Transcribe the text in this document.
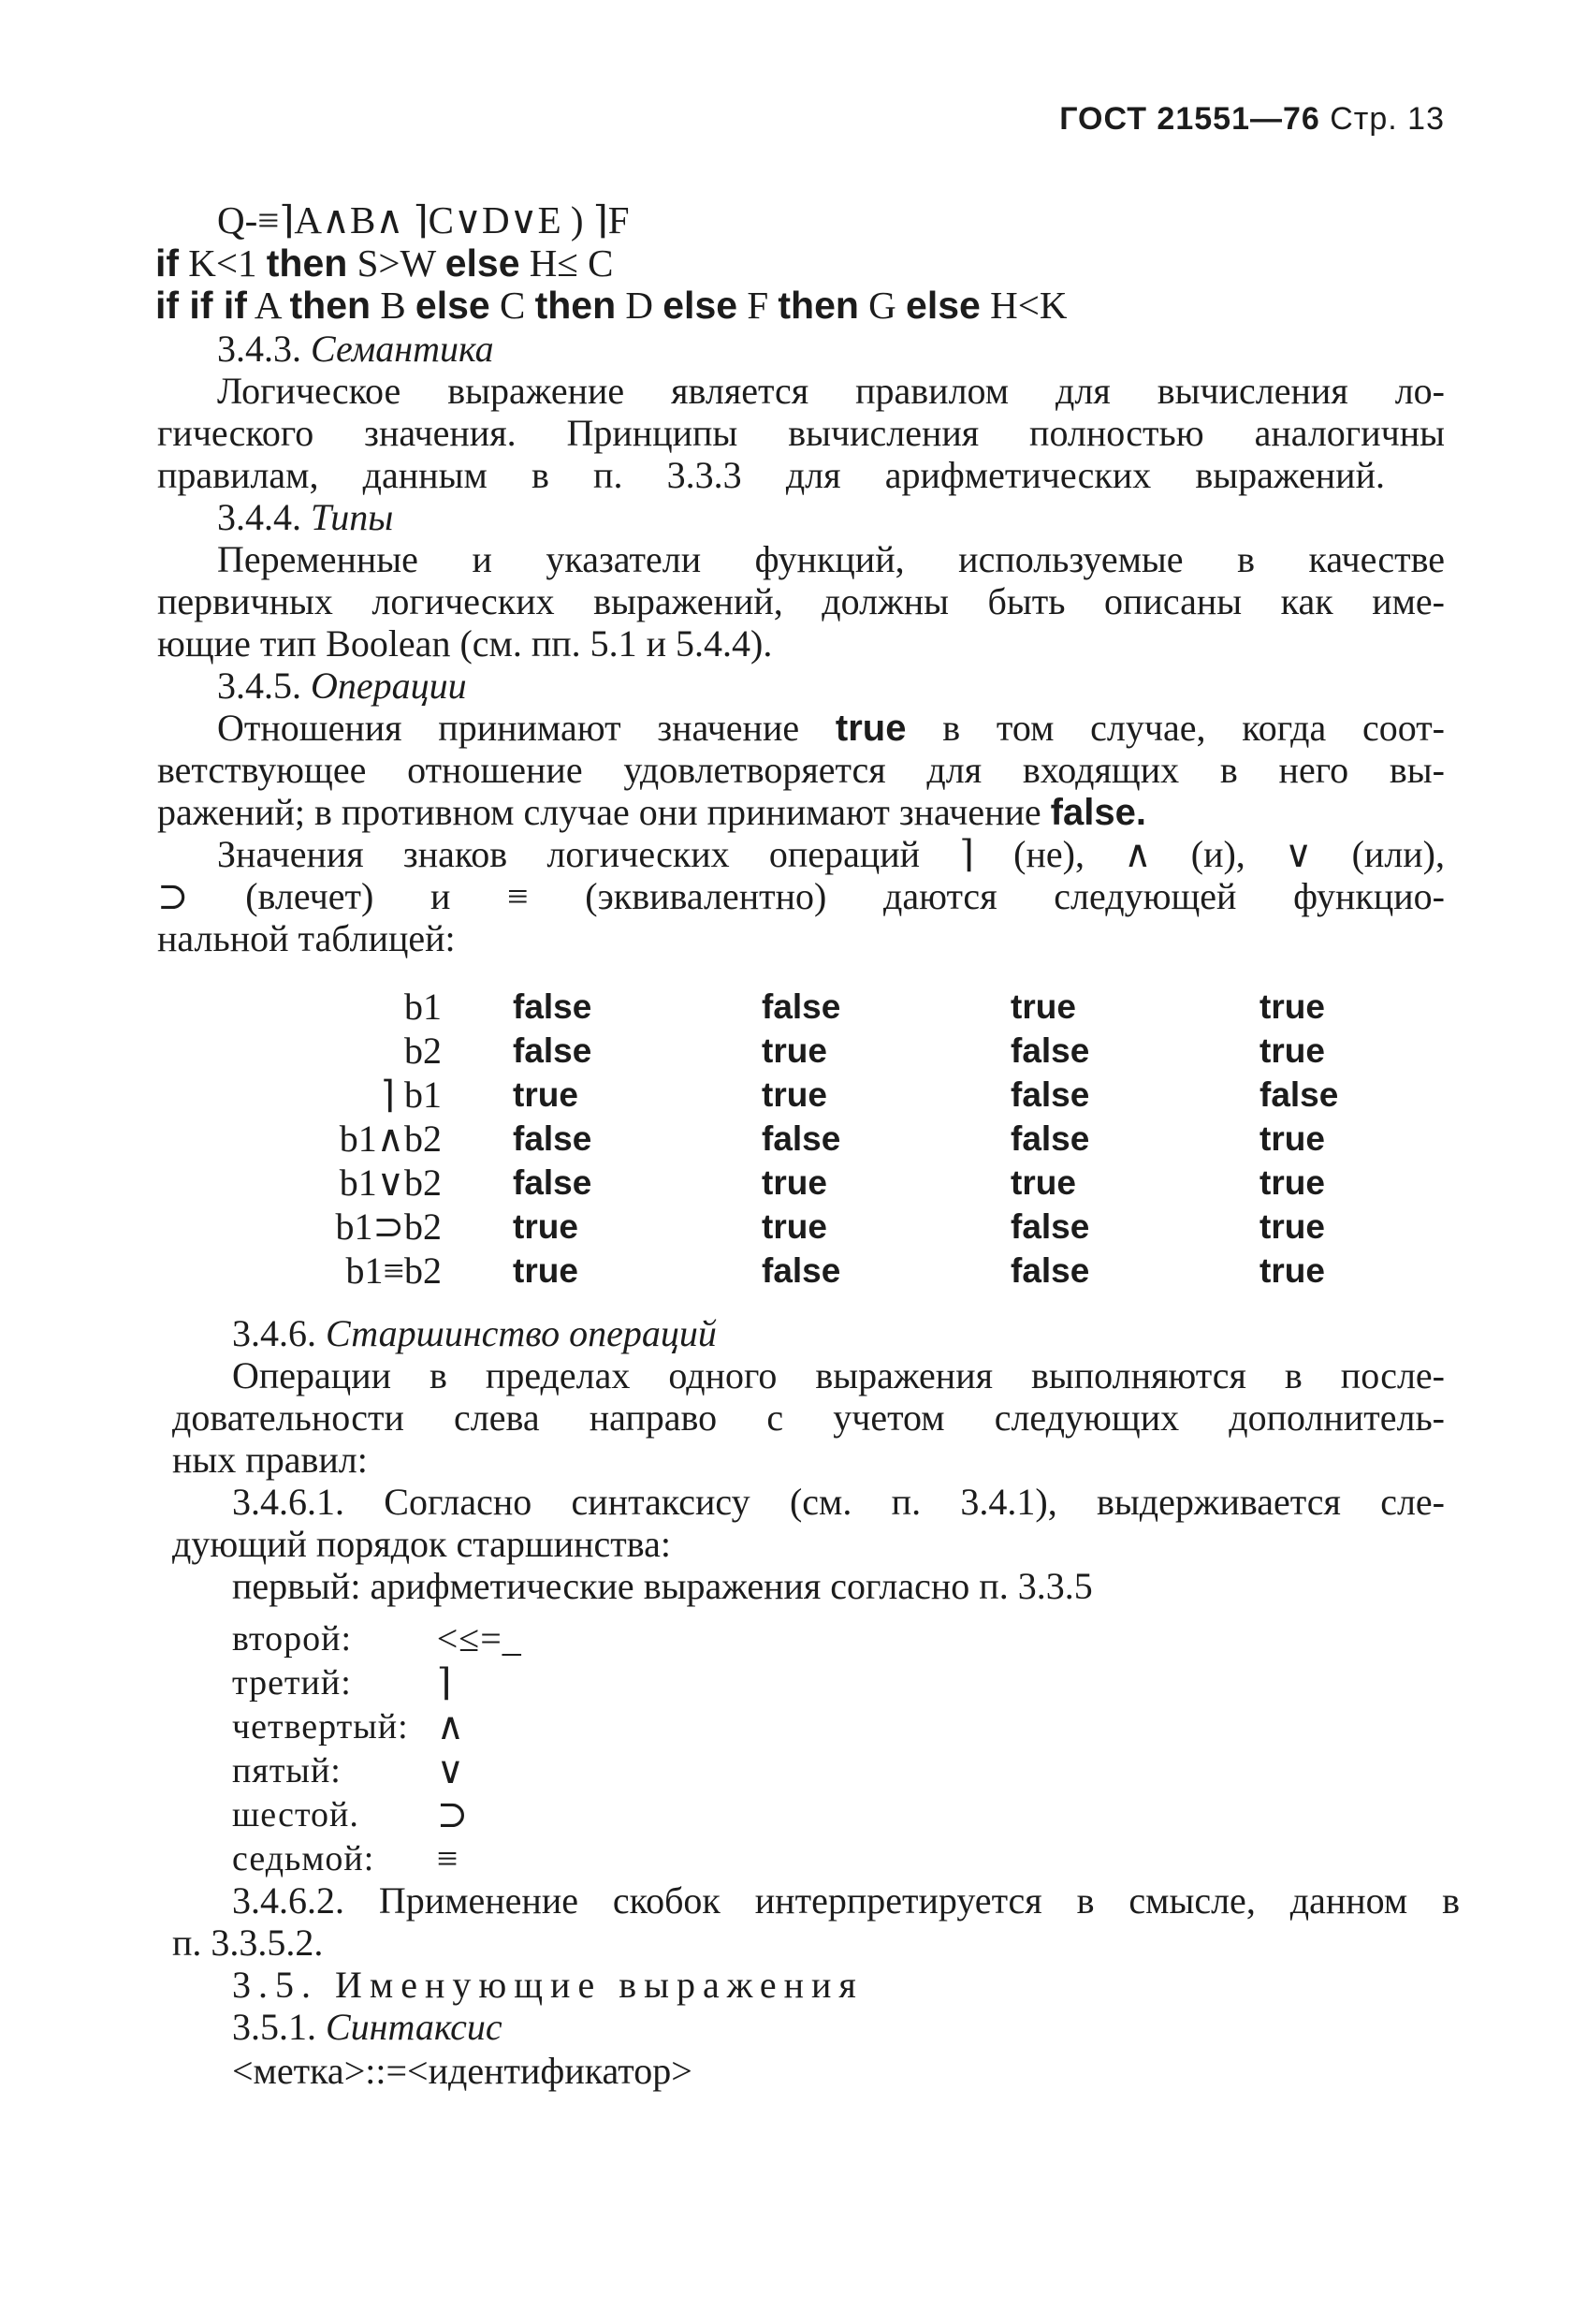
ГОСТ 21551—76 Стр. 13
Q-≡⌉A∧B∧ ⌉C∨D∨E ) ⌉F
if K<1 then S>W else H≤ C
if if if A then B else C then D else F then G else H<K
3.4.3. Семантика
Логическое выражение является правилом для вычисления ло-
гического значения. Принципы вычисления полностью аналогичны
правилам, данным в п. 3.3.3 для арифметических выражений.
3.4.4. Типы
Переменные и указатели функций, используемые в качестве
первичных логических выражений, должны быть описаны как име-
ющие тип Boolean (см. пп. 5.1 и 5.4.4).
3.4.5. Операции
Отношения принимают значение true в том случае, когда соот-
ветствующее отношение удовлетворяется для входящих в него вы-
ражений; в противном случае они принимают значение false.
Значения знаков логических операций ⌉ (не), ∧ (и), ∨ (или),
⊃ (влечет) и ≡ (эквивалентно) даются следующей функцио-
нальной таблицей:
b1	false	false	true	true
b2	false	true	false	true
⌉ b1	true	true	false	false
b1∧b2	false	false	false	true
b1∨b2	false	true	true	true
b1⊃b2	true	true	false	true
b1≡b2	true	false	false	true
3.4.6. Старшинство операций
Операции в пределах одного выражения выполняются в после-
довательности слева направо с учетом следующих дополнитель-
ных правил:
3.4.6.1. Согласно синтаксису (см. п. 3.4.1), выдерживается сле-
дующий порядок старшинства:
первый: арифметические выражения согласно п. 3.3.5
второй:	<≤=_
третий:	⌉
четвертый:	∧
пятый:	∨
шестой.	⊃
седьмой:	≡
3.4.6.2. Применение скобок интерпретируется в смысле, данном в
п. 3.3.5.2.
3.5. Именующие выражения
3.5.1. Синтаксис
<метка>::=<идентификатор>
